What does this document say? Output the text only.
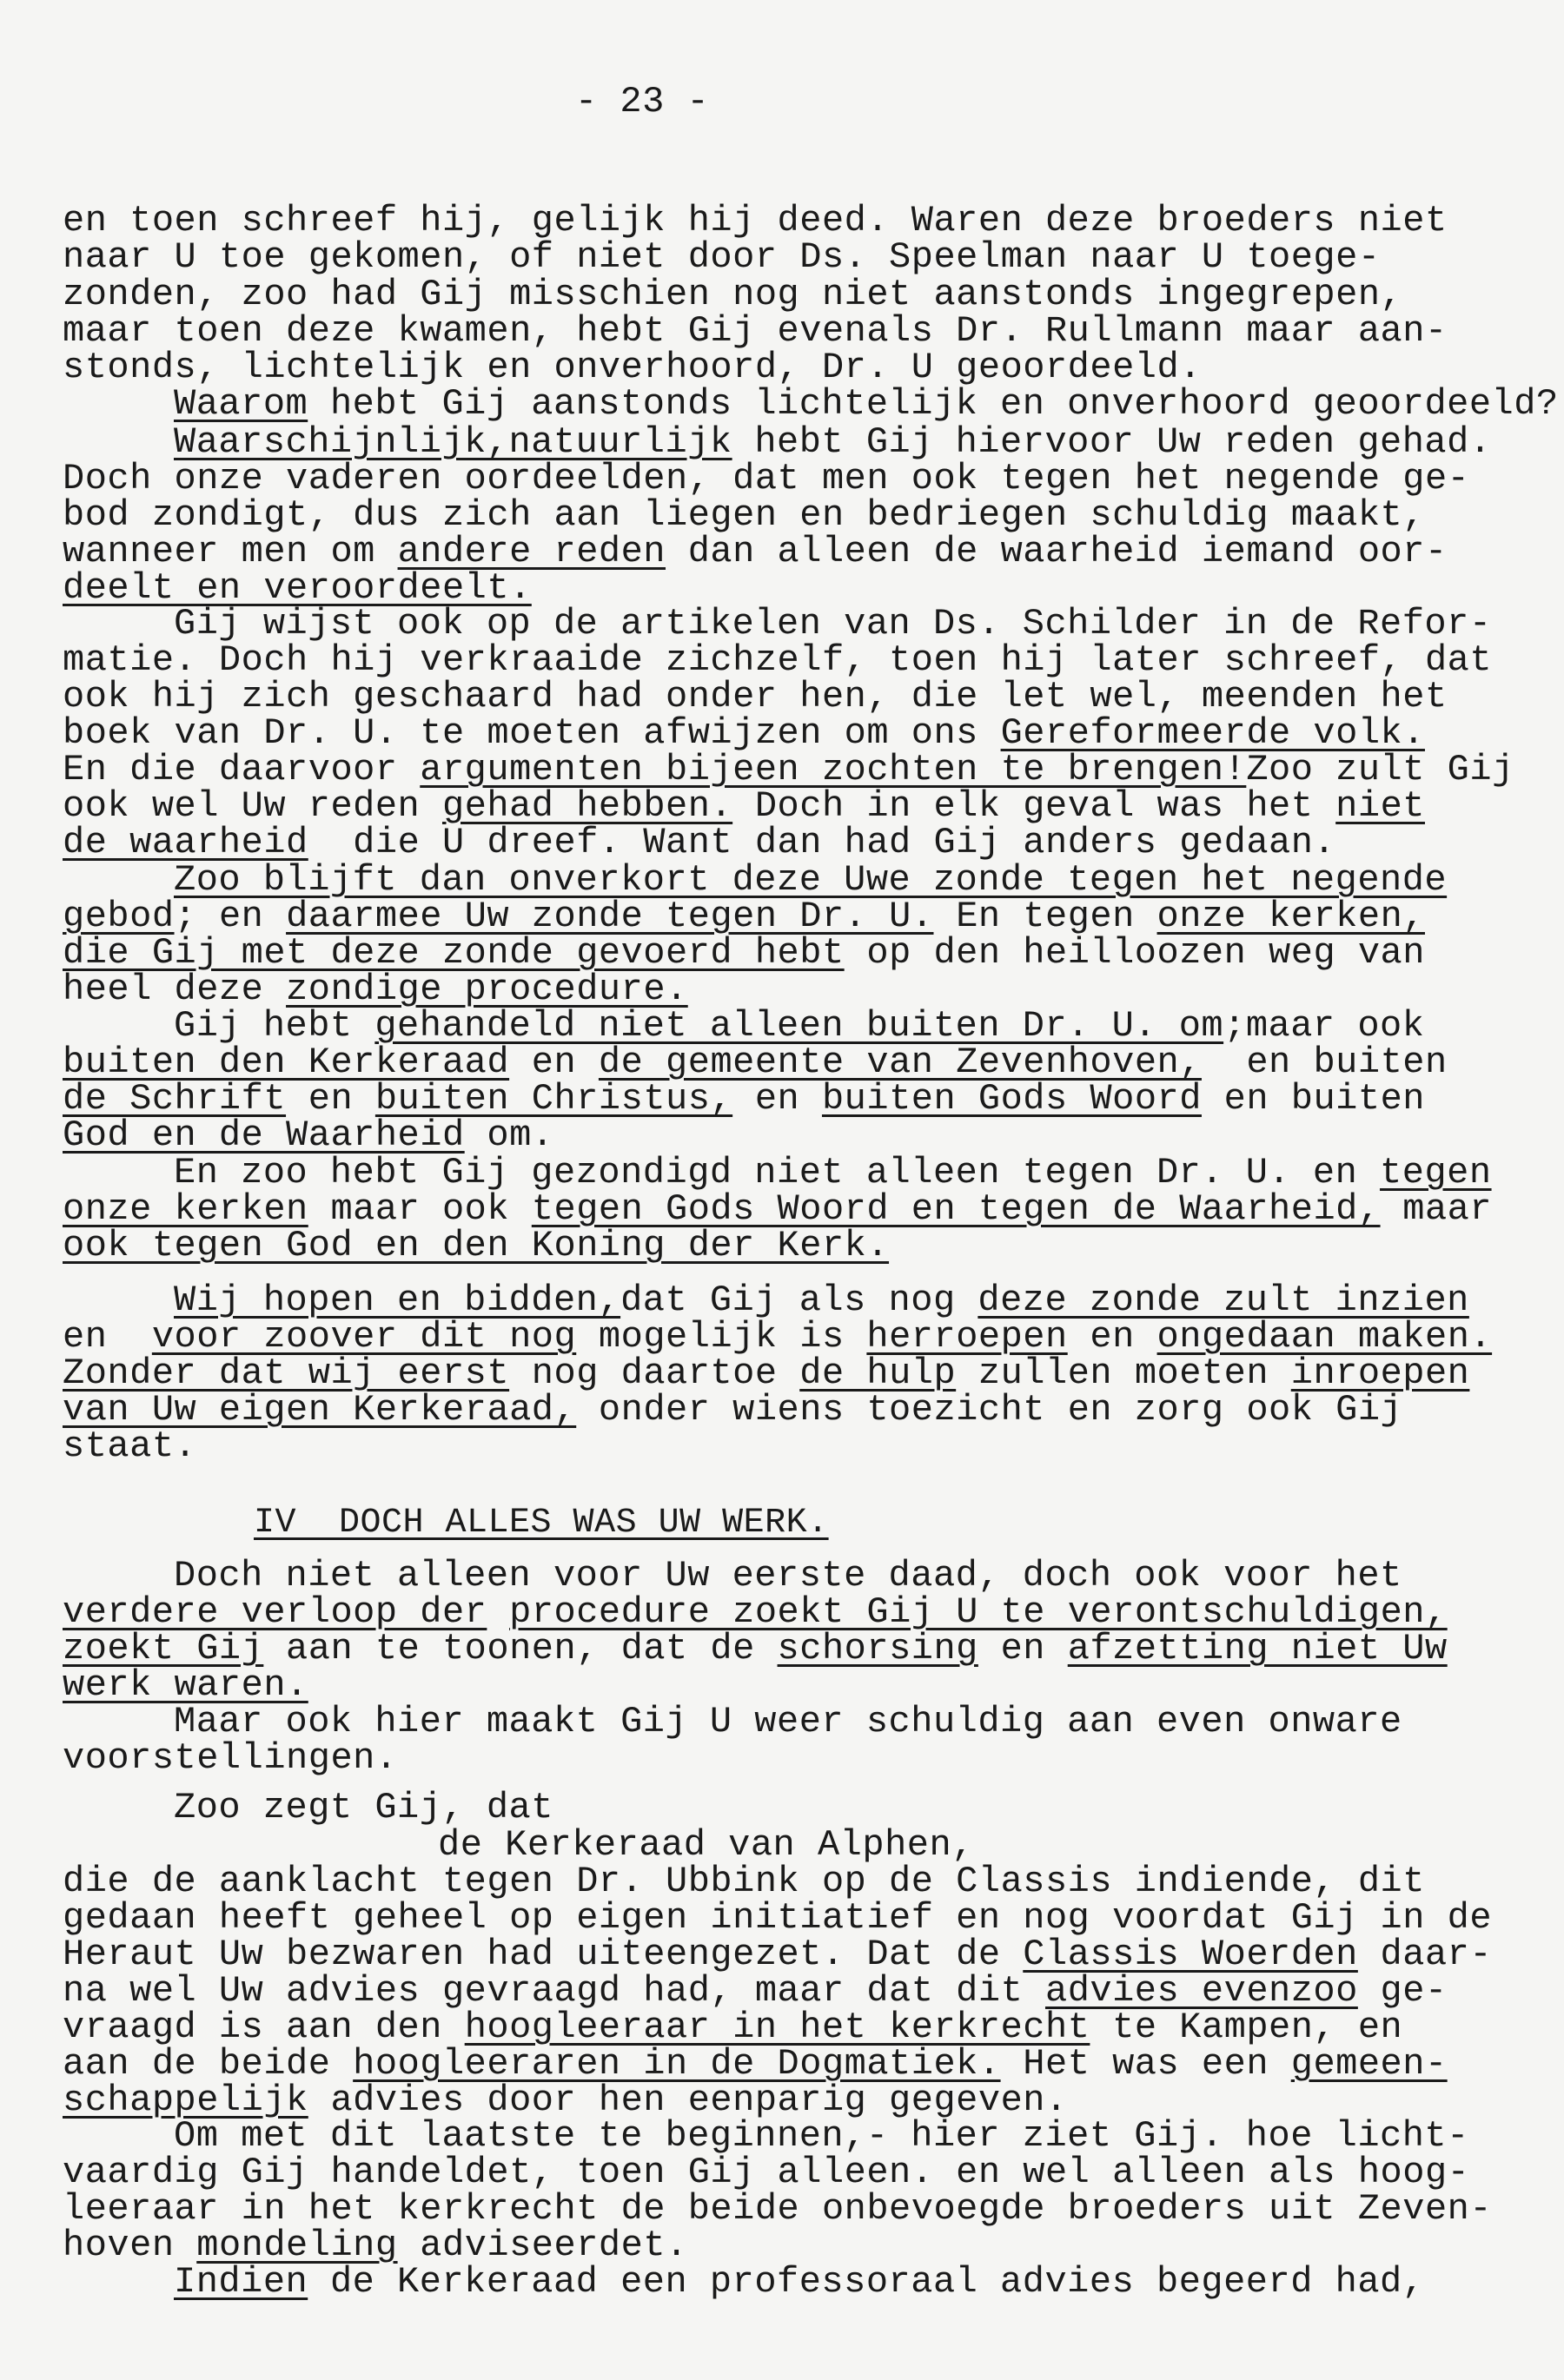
- 23 -
en toen schreef hij, gelijk hij deed. Waren deze broeders niet
naar U toe gekomen, of niet door Ds. Speelman naar U toege-
zonden, zoo had Gij misschien nog niet aanstonds ingegrepen,
maar toen deze kwamen, hebt Gij evenals Dr. Rullmann maar aan-
stonds, lichtelijk en onverhoord, Dr. U geoordeeld.
Waarom hebt Gij aanstonds lichtelijk en onverhoord geoordeeld?
Waarschijnlijk,natuurlijk hebt Gij hiervoor Uw reden gehad.
Doch onze vaderen oordeelden, dat men ook tegen het negende ge-
bod zondigt, dus zich aan liegen en bedriegen schuldig maakt,
wanneer men om andere reden dan alleen de waarheid iemand oor-
deelt en veroordeelt.
Gij wijst ook op de artikelen van Ds. Schilder in de Refor-
matie. Doch hij verkraaide zichzelf, toen hij later schreef, dat
ook hij zich geschaard had onder hen, die let wel, meenden het
boek van Dr. U. te moeten afwijzen om ons Gereformeerde volk.
En die daarvoor argumenten bijeen zochten te brengen!Zoo zult Gij
ook wel Uw reden gehad hebben. Doch in elk geval was het niet
de waarheid  die U dreef. Want dan had Gij anders gedaan.
Zoo blijft dan onverkort deze Uwe zonde tegen het negende
gebod; en daarmee Uw zonde tegen Dr. U. En tegen onze kerken,
die Gij met deze zonde gevoerd hebt op den heilloozen weg van
heel deze zondige procedure.
Gij hebt gehandeld niet alleen buiten Dr. U. om;maar ook
buiten den Kerkeraad en de gemeente van Zevenhoven,  en buiten
de Schrift en buiten Christus, en buiten Gods Woord en buiten
God en de Waarheid om.
En zoo hebt Gij gezondigd niet alleen tegen Dr. U. en tegen
onze kerken maar ook tegen Gods Woord en tegen de Waarheid, maar
ook tegen God en den Koning der Kerk.
Wij hopen en bidden,dat Gij als nog deze zonde zult inzien
en  voor zoover dit nog mogelijk is herroepen en ongedaan maken.
Zonder dat wij eerst nog daartoe de hulp zullen moeten inroepen
van Uw eigen Kerkeraad, onder wiens toezicht en zorg ook Gij
staat.
IV  DOCH ALLES WAS UW WERK.
Doch niet alleen voor Uw eerste daad, doch ook voor het
verdere verloop der procedure zoekt Gij U te verontschuldigen,
zoekt Gij aan te toonen, dat de schorsing en afzetting niet Uw
werk waren.
Maar ook hier maakt Gij U weer schuldig aan even onware
voorstellingen.
Zoo zegt Gij, dat
de Kerkeraad van Alphen,
die de aanklacht tegen Dr. Ubbink op de Classis indiende, dit
gedaan heeft geheel op eigen initiatief en nog voordat Gij in de
Heraut Uw bezwaren had uiteengezet. Dat de Classis Woerden daar-
na wel Uw advies gevraagd had, maar dat dit advies evenzoo ge-
vraagd is aan den hoogleeraar in het kerkrecht te Kampen, en
aan de beide hoogleeraren in de Dogmatiek. Het was een gemeen-
schappelijk advies door hen eenparig gegeven.
Om met dit laatste te beginnen,- hier ziet Gij. hoe licht-
vaardig Gij handeldet, toen Gij alleen. en wel alleen als hoog-
leeraar in het kerkrecht de beide onbevoegde broeders uit Zeven-
hoven mondeling adviseerdet.
Indien de Kerkeraad een professoraal advies begeerd had,
